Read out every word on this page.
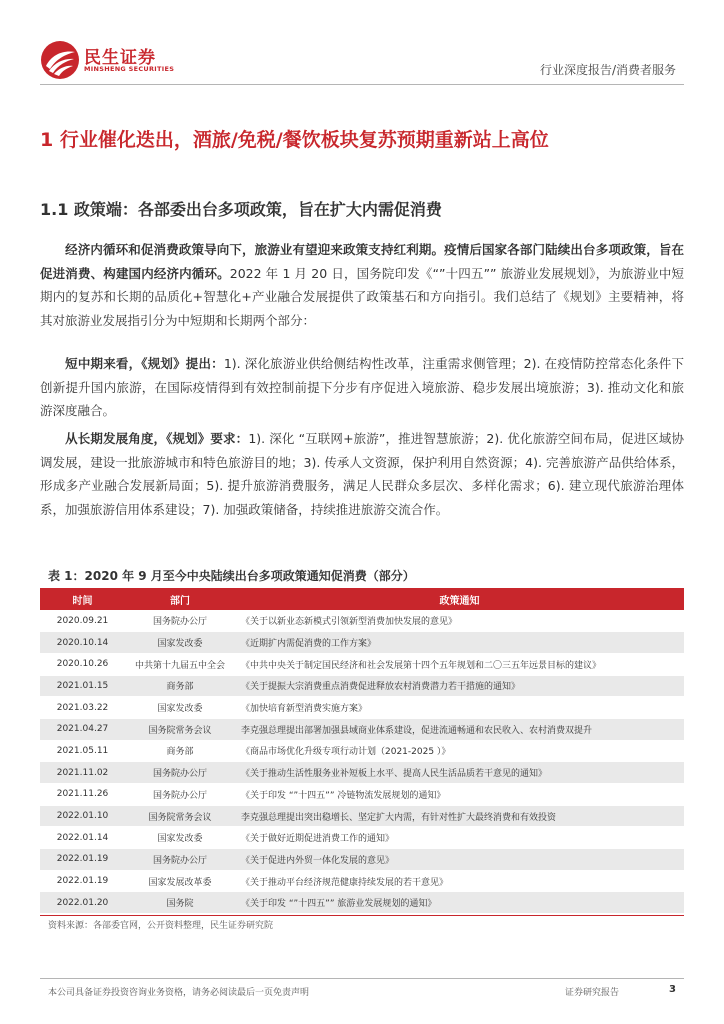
民生证券
MINSHENG SECURITIES	行业深度报告/消费者服务
1 行业催化迭出，酒旅/免税/餐饮板块复苏预期重新站上高位
1.1 政策端：各部委出台多项政策，旨在扩大内需促消费
经济内循环和促消费政策导向下，旅游业有望迎来政策支持红利期。疫情后国家各部门陆续出台多项政策，旨在促进消费、构建国内经济内循环。2022 年 1 月 20 日，国务院印发《“”十四五”” 旅游业发展规划》，为旅游业中短期内的复苏和长期的品质化+智慧化+产业融合发展提供了政策基石和方向指引。我们总结了《规划》主要精神，将其对旅游业发展指引分为中短期和长期两个部分：
短中期来看，《规划》提出：1). 深化旅游业供给侧结构性改革，注重需求侧管理；2). 在疫情防控常态化条件下创新提升国内旅游，在国际疫情得到有效控制前提下分步有序促进入境旅游、稳步发展出境旅游；3). 推动文化和旅游深度融合。
从长期发展角度，《规划》要求：1). 深化 “互联网+旅游”，推进智慧旅游；2). 优化旅游空间布局，促进区域协调发展，建设一批旅游城市和特色旅游目的地；3). 传承人文资源，保护利用自然资源；4). 完善旅游产品供给体系，形成多产业融合发展新局面；5). 提升旅游消费服务，满足人民群众多层次、多样化需求；6). 建立现代旅游治理体系，加强旅游信用体系建设；7). 加强政策储备，持续推进旅游交流合作。
表 1：2020 年 9 月至今中央陆续出台多项政策通知促消费（部分）
时间	部门	政策通知
2020.09.21	国务院办公厅	《关于以新业态新模式引领新型消费加快发展的意见》
2020.10.14	国家发改委	《近期扩内需促消费的工作方案》
2020.10.26	中共第十九届五中全会	《中共中央关于制定国民经济和社会发展第十四个五年规划和二〇三五年远景目标的建议》
2021.01.15	商务部	《关于提振大宗消费重点消费促进释放农村消费潜力若干措施的通知》
2021.03.22	国家发改委	《加快培育新型消费实施方案》
2021.04.27	国务院常务会议	李克强总理提出部署加强县域商业体系建设，促进流通畅通和农民收入、农村消费双提升
2021.05.11	商务部	《商品市场优化升级专项行动计划（2021-2025 ）》
2021.11.02	国务院办公厅	《关于推动生活性服务业补短板上水平、提高人民生活品质若干意见的通知》
2021.11.26	国务院办公厅	《关于印发 “”十四五”” 冷链物流发展规划的通知》
2022.01.10	国务院常务会议	李克强总理提出突出稳增长、坚定扩大内需，有针对性扩大最终消费和有效投资
2022.01.14	国家发改委	《关于做好近期促进消费工作的通知》
2022.01.19	国务院办公厅	《关于促进内外贸一体化发展的意见》
2022.01.19	国家发展改革委	《关于推动平台经济规范健康持续发展的若干意见》
2022.01.20	国务院	《关于印发 “”十四五”” 旅游业发展规划的通知》
资料来源：各部委官网，公开资料整理，民生证券研究院
本公司具备证券投资咨询业务资格，请务必阅读最后一页免责声明	证券研究报告	3
